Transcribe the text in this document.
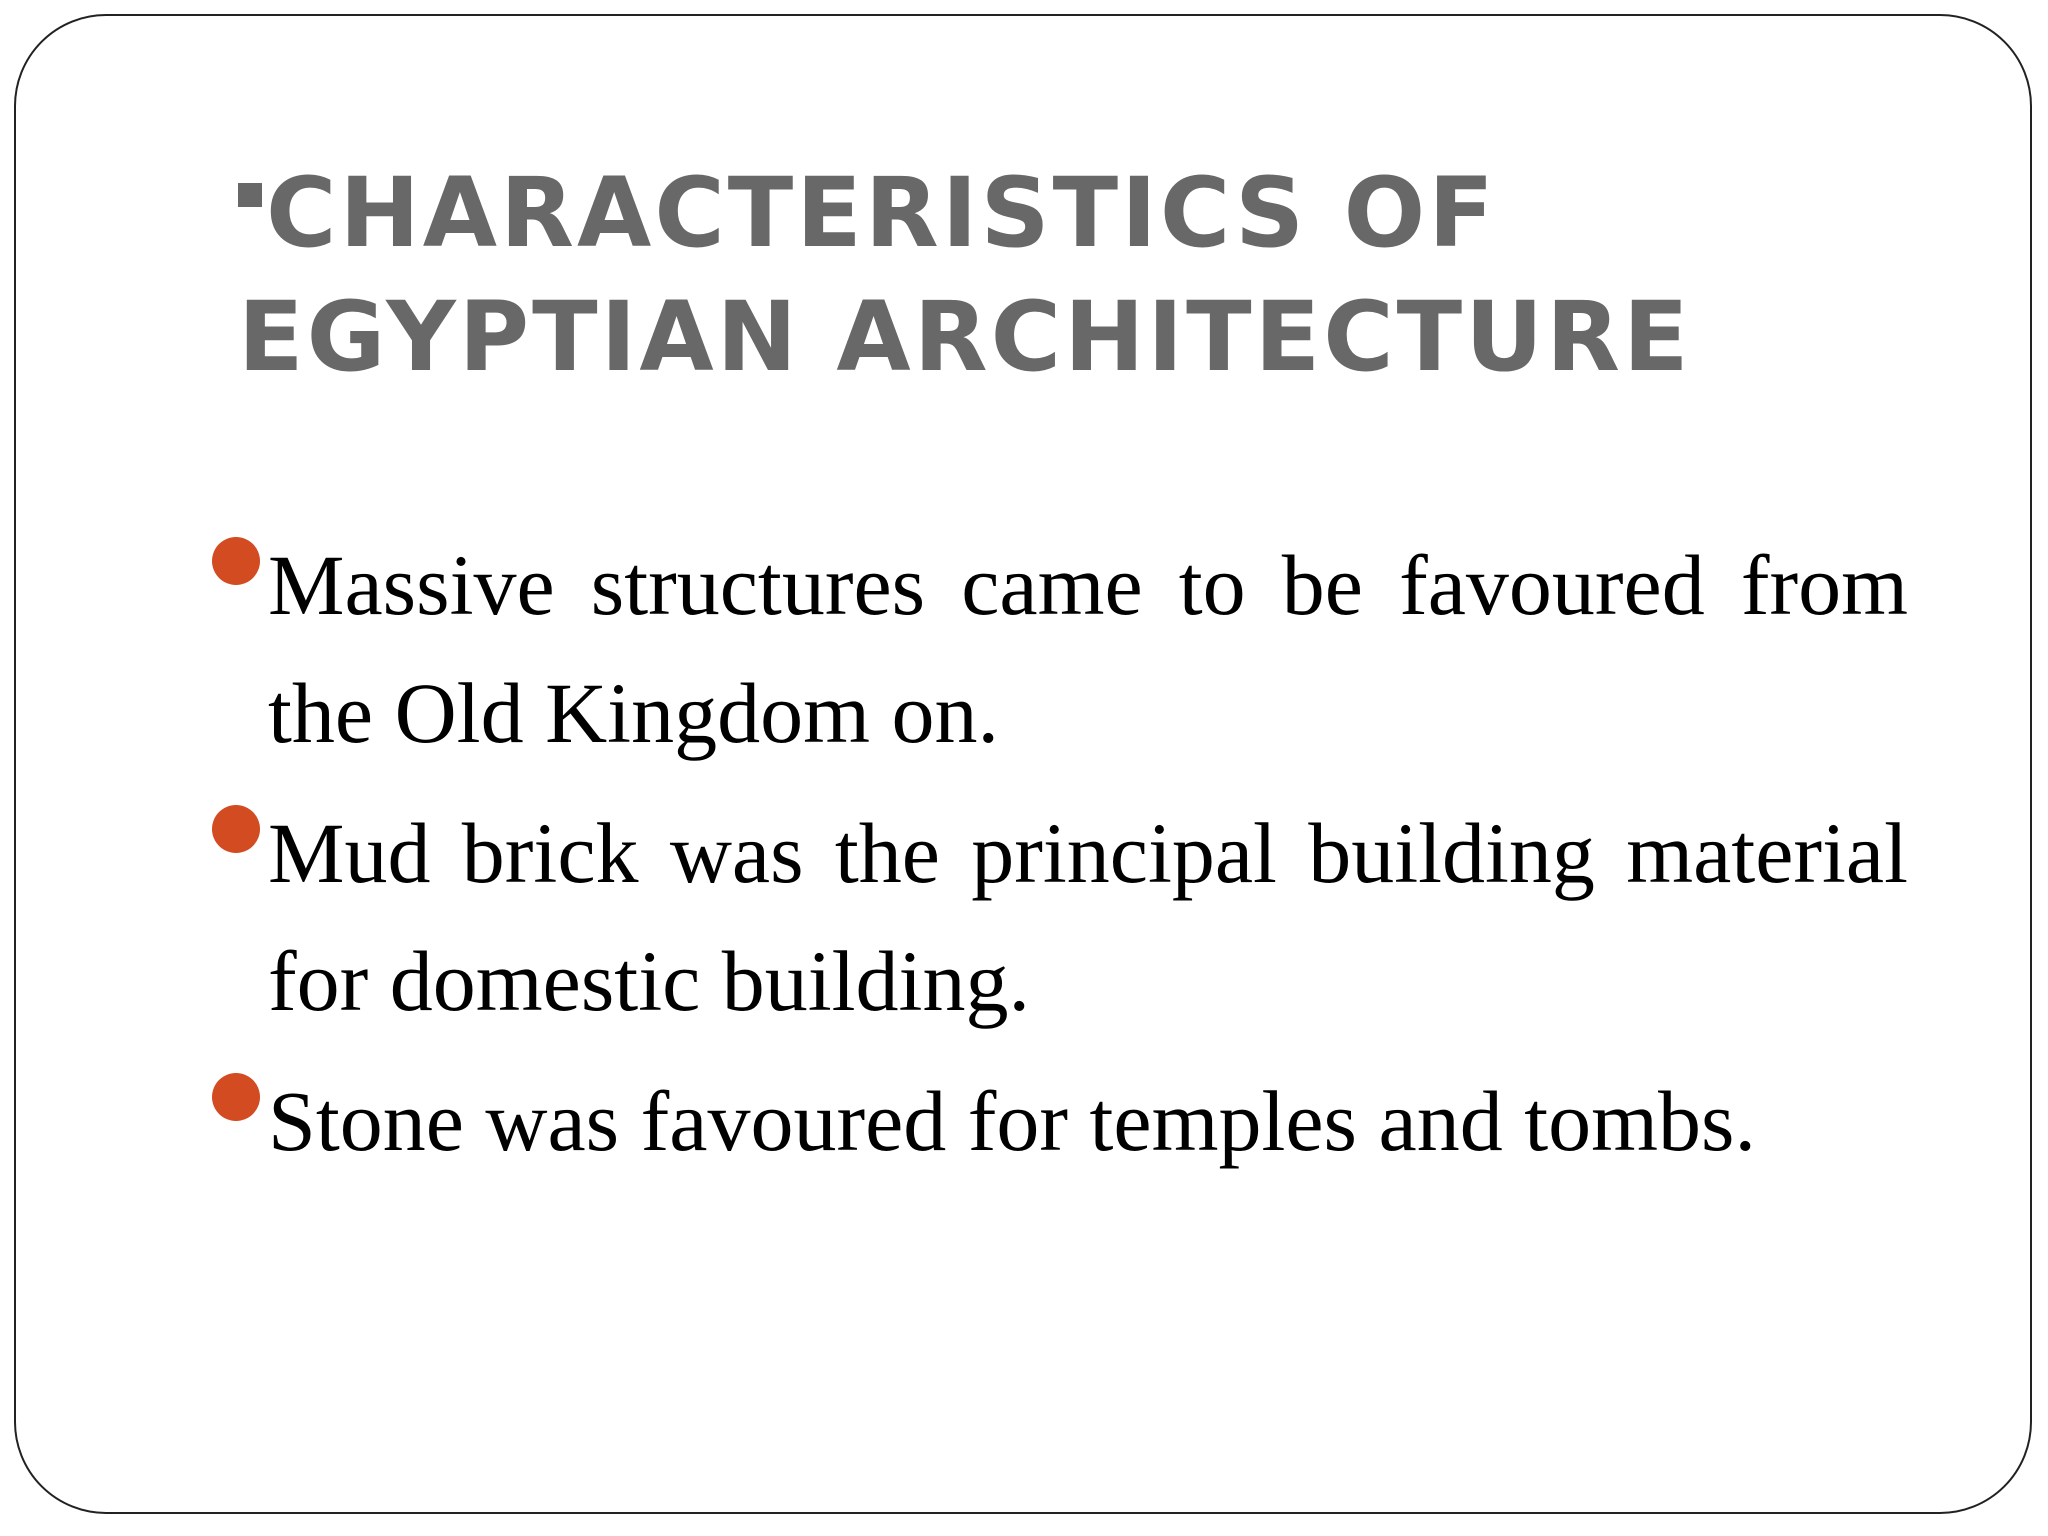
CHARACTERISTICS OF EGYPTIAN ARCHITECTURE
Massive structures came to be favoured from the Old Kingdom on.
Mud brick was the principal building material for domestic building.
Stone was favoured for temples and tombs.
